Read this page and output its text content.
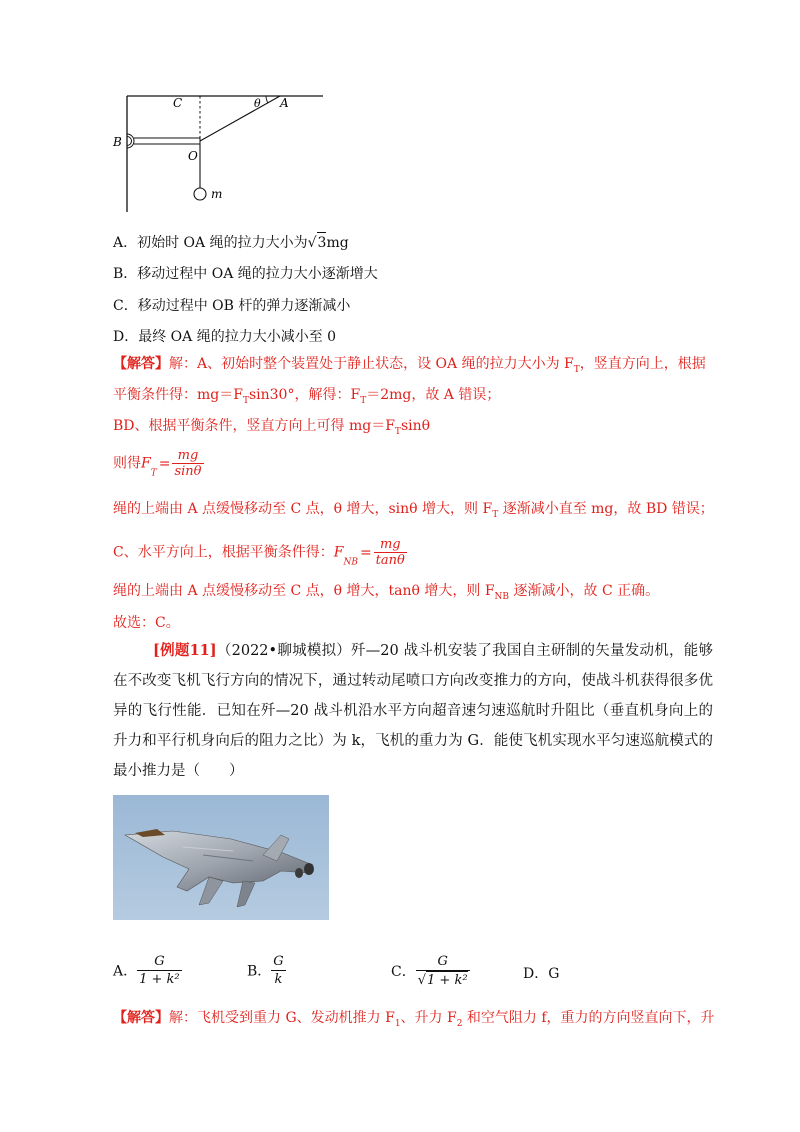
C	θ A
B
O
m
A．初始时 OA 绳的拉力大小为√3mg
B．移动过程中 OA 绳的拉力大小逐渐增大
C．移动过程中 OB 杆的弹力逐渐减小
D．最终 OA 绳的拉力大小减小至 0
【解答】解：A、初始时整个装置处于静止状态，设 OA 绳的拉力大小为 $F_T$，竖直方向上，根据
平衡条件得：$mg=F_T\sin 30^\circ$，解得：$F_T=2mg$，故 A 错误；
BD、根据平衡条件，竖直方向上可得 $mg=F_T\sin\theta$
则得$F_T= \frac{mg}{\sin\theta}$
绳的上端由 A 点缓慢移动至 C 点，θ 增大，sinθ 增大，则 $F_T$ 逐渐减小直至 mg，故 BD 错误；
C、水平方向上，根据平衡条件得：$F_{NB}= \frac{mg}{\tan\theta}$
绳的上端由 A 点缓慢移动至 C 点，θ 增大，tanθ 增大，则 $F_{NB}$ 逐渐减小，故 C 正确。
故选：C。
[例题11]（2022•聊城模拟）歼—20 战斗机安装了我国自主研制的矢量发动机，能够在不改变飞机飞行方向的情况下，通过转动尾喷口方向改变推力的方向，使战斗机获得很多优异的飞行性能．已知在歼—20 战斗机沿水平方向超音速匀速巡航时升阻比（垂直机身向上的升力和平行机身向后的阻力之比）为 k，飞机的重力为 G．能使飞机实现水平匀速巡航模式的最小推力是（　　）
A． $\frac{G}{\text{1 + k²}}$	B． $\frac{G}{k}$	C． $\frac{G}{\text{√1 + k²}}$	D．G
【解答】解：飞机受到重力 G、发动机推力 $F_1$、升力 $F_2$ 和空气阻力 f，重力的方向竖直向下，升
